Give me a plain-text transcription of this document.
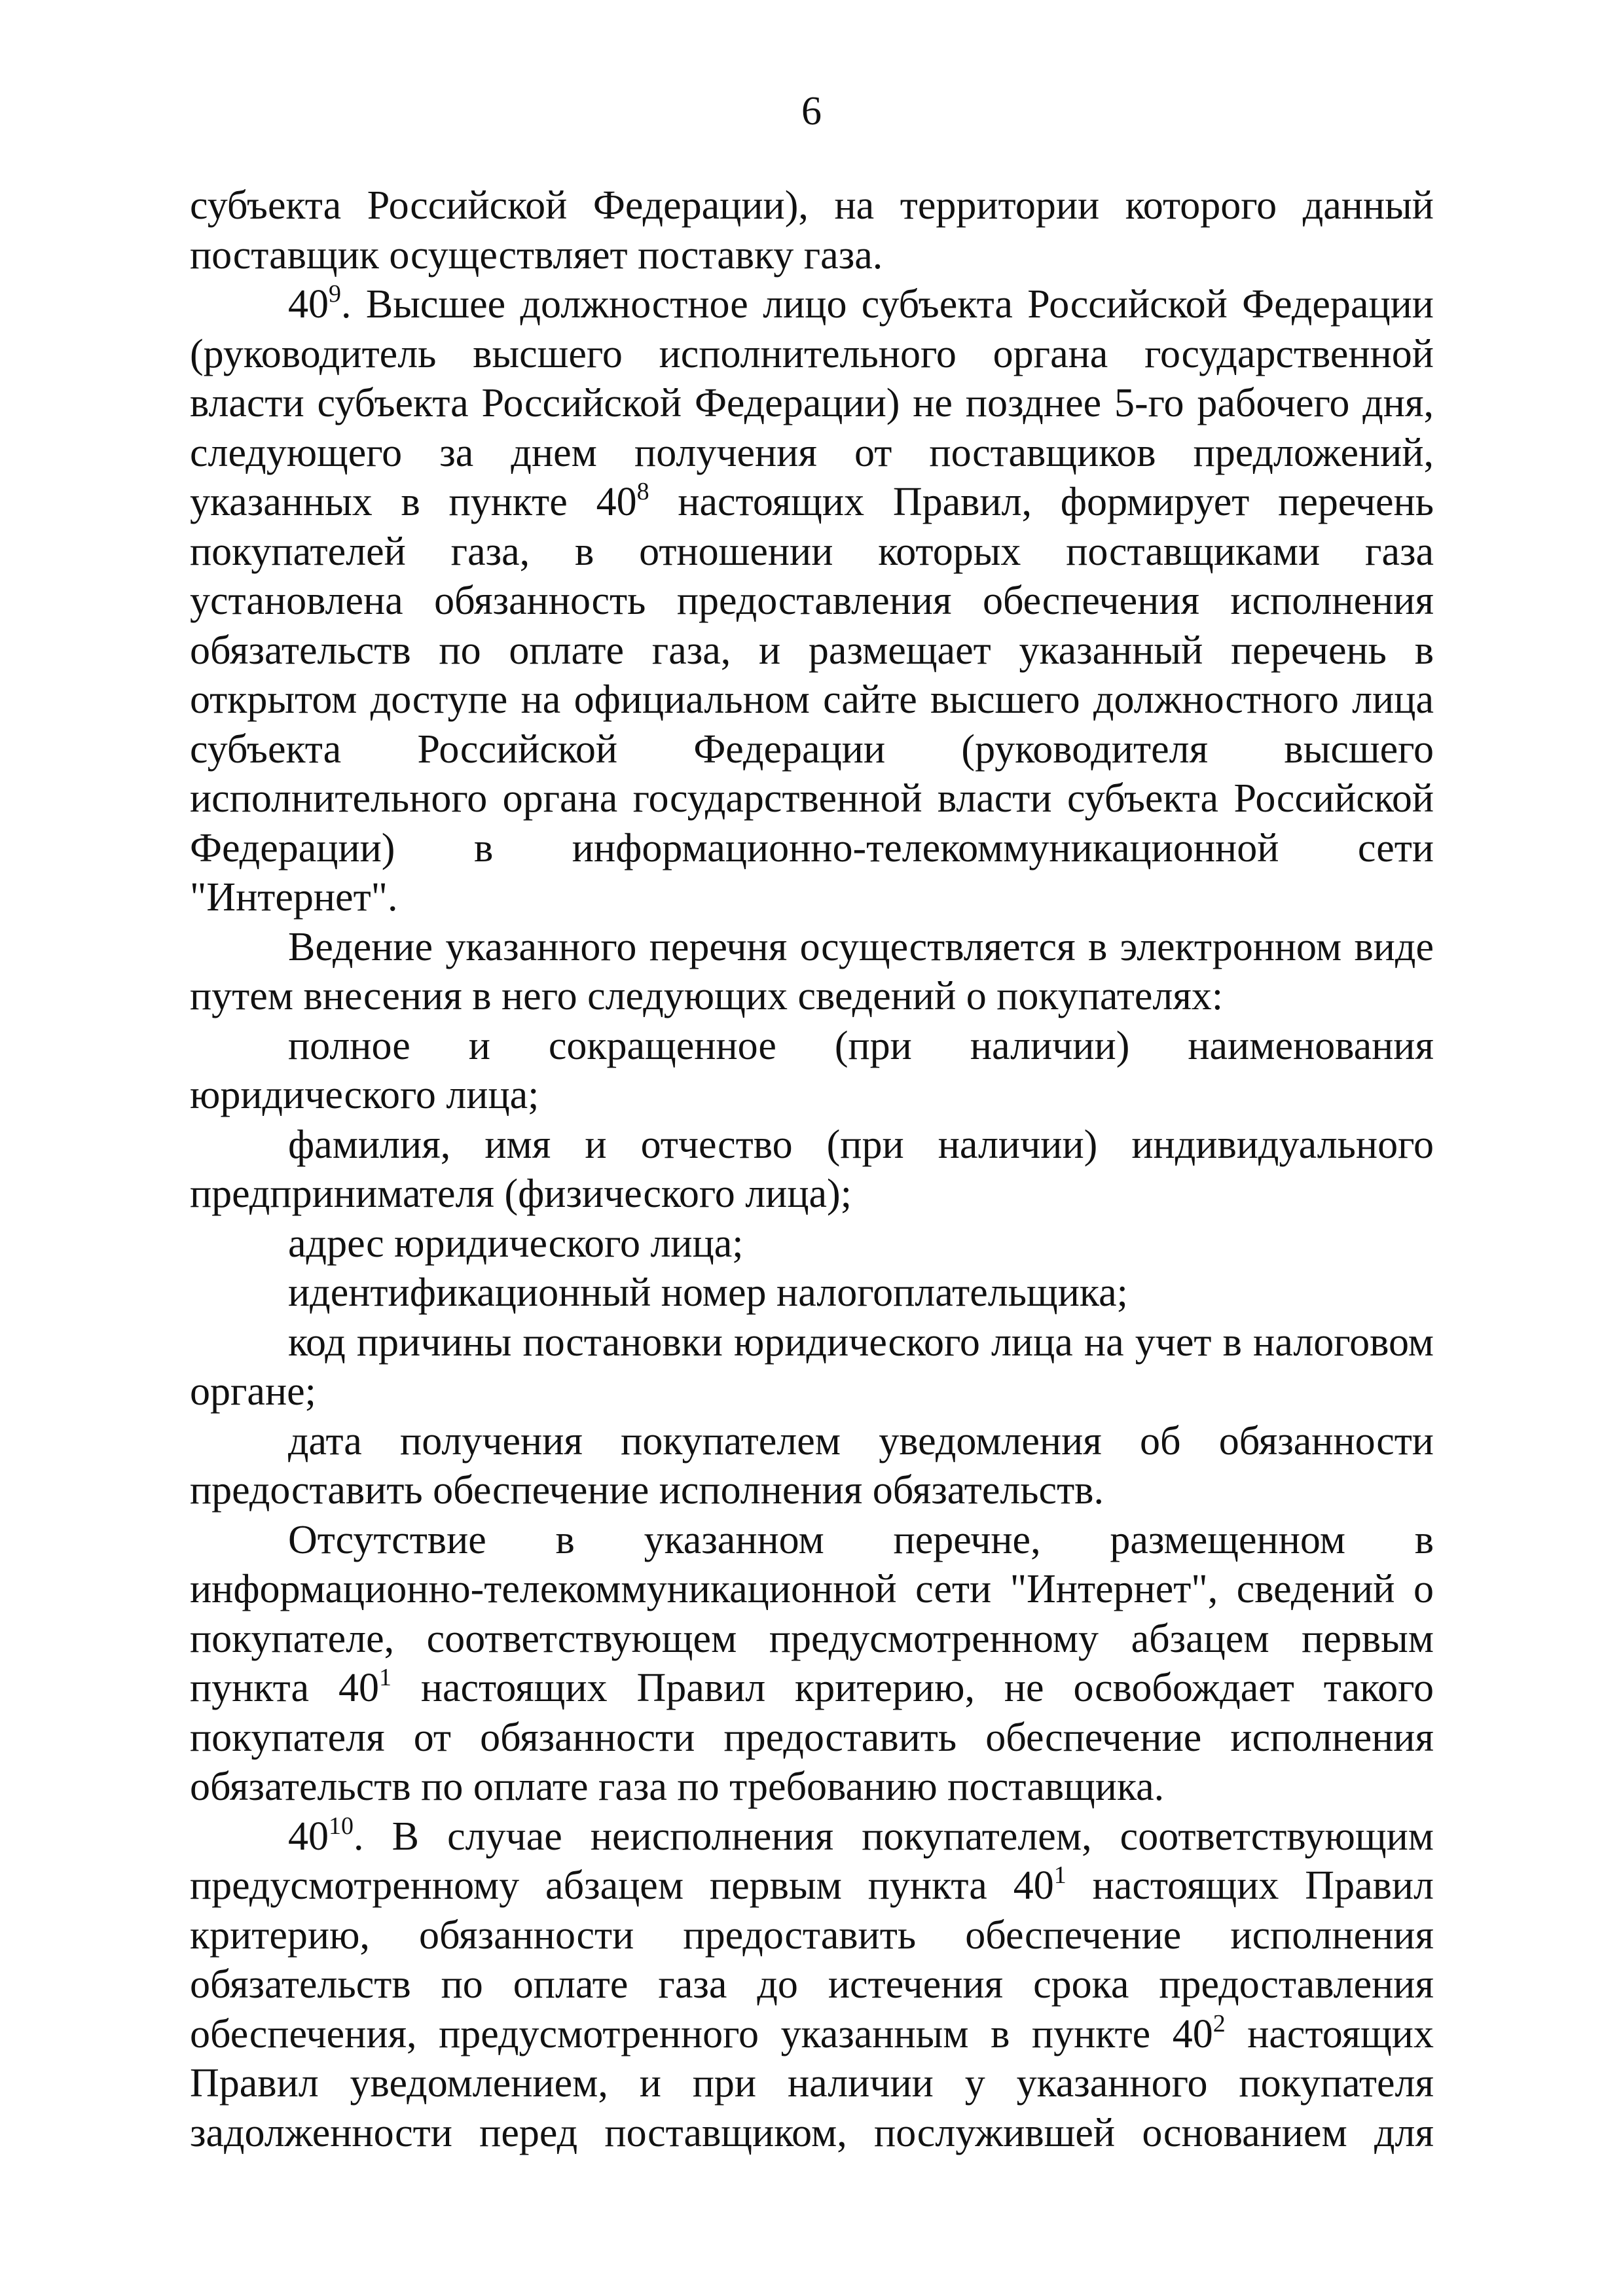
6

субъекта Российской Федерации), на территории которого данный поставщик осуществляет поставку газа.

$40^9$. Высшее должностное лицо субъекта Российской Федерации (руководитель высшего исполнительного органа государственной власти субъекта Российской Федерации) не позднее 5-го рабочего дня, следующего за днем получения от поставщиков предложений, указанных в пункте $40^8$ настоящих Правил, формирует перечень покупателей газа, в отношении которых поставщиками газа установлена обязанность предоставления обеспечения исполнения обязательств по оплате газа, и размещает указанный перечень в открытом доступе на официальном сайте высшего должностного лица субъекта Российской Федерации (руководителя высшего исполнительного органа государственной власти субъекта Российской Федерации) в информационно-телекоммуникационной сети "Интернет".

Ведение указанного перечня осуществляется в электронном виде путем внесения в него следующих сведений о покупателях:

полное и сокращенное (при наличии) наименования юридического лица;

фамилия, имя и отчество (при наличии) индивидуального предпринимателя (физического лица);

адрес юридического лица;

идентификационный номер налогоплательщика;

код причины постановки юридического лица на учет в налоговом органе;

дата получения покупателем уведомления об обязанности предоставить обеспечение исполнения обязательств.

Отсутствие в указанном перечне, размещенном в информационно-телекоммуникационной сети "Интернет", сведений о покупателе, соответствующем предусмотренному абзацем первым пункта $40^1$ настоящих Правил критерию, не освобождает такого покупателя от обязанности предоставить обеспечение исполнения обязательств по оплате газа по требованию поставщика.

$40^{10}$. В случае неисполнения покупателем, соответствующим предусмотренному абзацем первым пункта $40^1$ настоящих Правил критерию, обязанности предоставить обеспечение исполнения обязательств по оплате газа до истечения срока предоставления обеспечения, предусмотренного указанным в пункте $40^2$ настоящих Правил уведомлением, и при наличии у указанного покупателя задолженности перед поставщиком, послужившей основанием для
